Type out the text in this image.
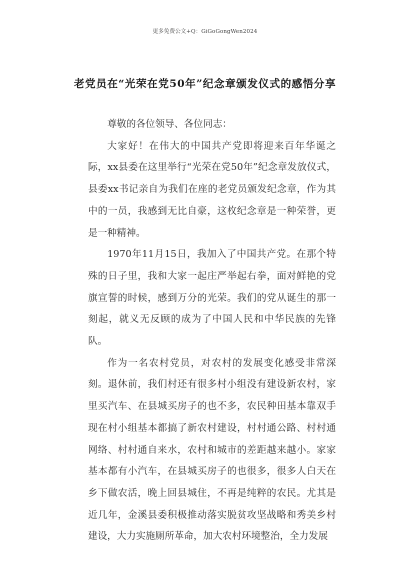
更多免费公文+Q：GiGoGongWen2024
老党员在“光荣在党50年”纪念章颁发仪式的感悟分享

尊敬的各位领导、各位同志：

大家好！在伟大的中国共产党即将迎来百年华诞之际，xx县委在这里举行“光荣在党50年”纪念章发放仪式，县委xx书记亲自为我们在座的老党员颁发纪念章，作为其中的一员，我感到无比自豪，这枚纪念章是一种荣誉，更是一种精神。

1970年11月15日，我加入了中国共产党。在那个特殊的日子里，我和大家一起庄严举起右拳，面对鲜艳的党旗宣誓的时候，感到万分的光荣。我们的党从诞生的那一刻起，就义无反顾的成为了中国人民和中华民族的先锋队。

作为一名农村党员，对农村的发展变化感受非常深刻。退休前，我们村还有很多村小组没有建设新农村，家里买汽车、在县城买房子的也不多，农民种田基本靠双手现在村小组基本都搞了新农村建设，村村通公路、村村通网络、村村通自来水，农村和城市的差距越来越小。家家基本都有小汽车，在县城买房子的也很多，很多人白天在乡下做农活，晚上回县城住，不再是纯粹的农民。尤其是近几年，金溪县委积极推动落实脱贫攻坚战略和秀美乡村建设，大力实施厕所革命，加大农村环境整治，全力发展
